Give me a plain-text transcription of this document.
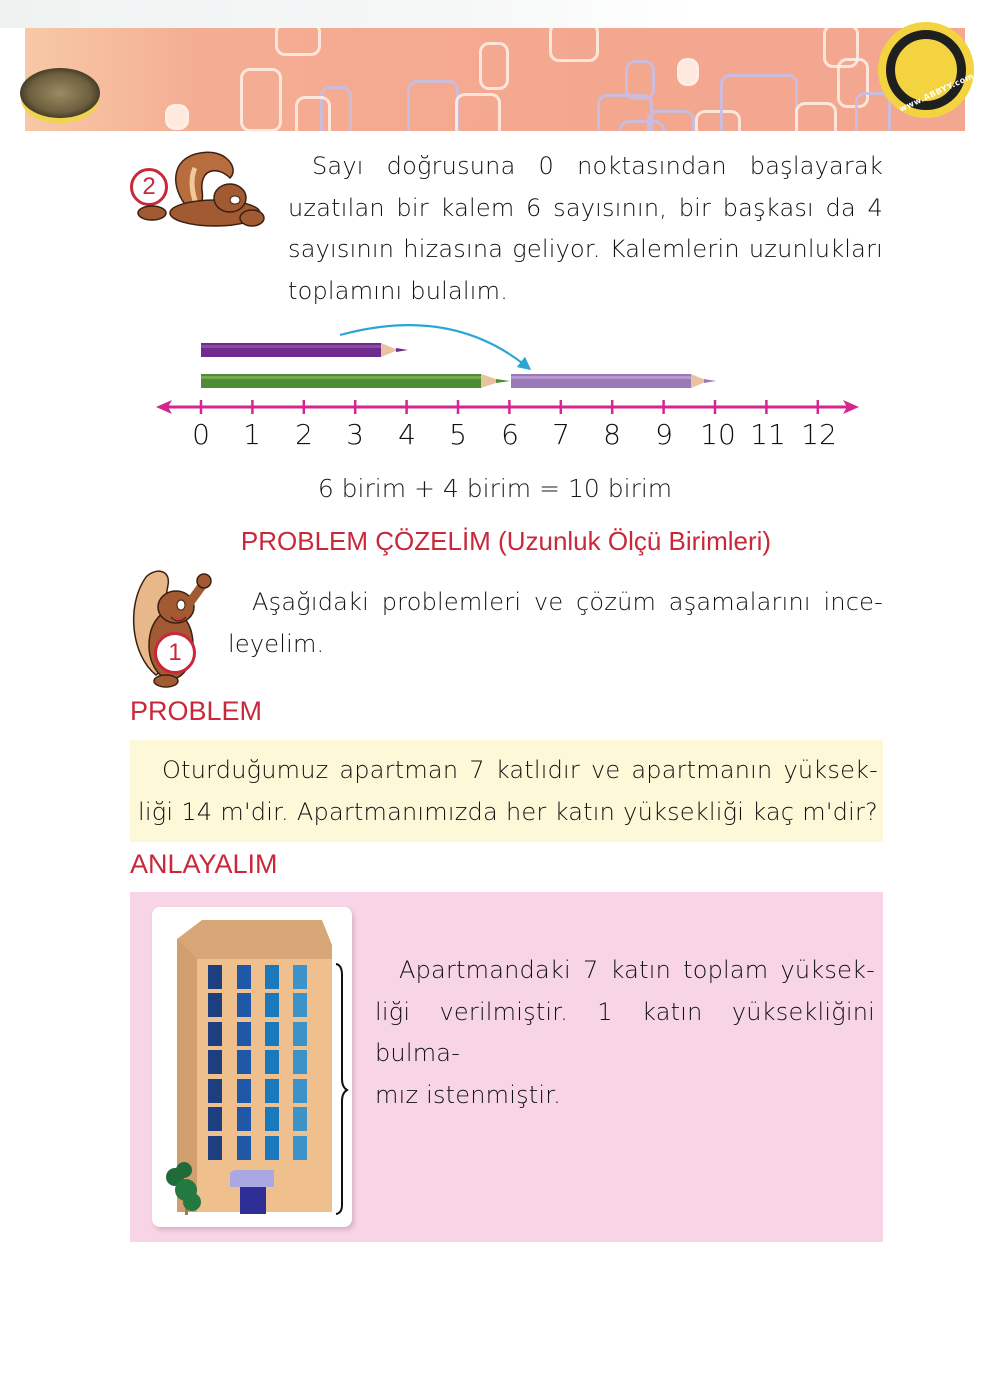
Click
www.ABBYY.com
2
Sayı doğrusuna 0 noktasından başlayarak
uzatılan bir kalem 6 sayısının, bir başkası da 4
sayısının hizasına geliyor. Kalemlerin uzunlukları
toplamını bulalım.
0	1	2	3	4	5	6	7	8	9 10 11 12
6 birim + 4 birim = 10 birim
PROBLEM ÇÖZELİM (Uzunluk Ölçü Birimleri)
1
Aşağıdaki problemleri ve çözüm aşamalarını ince-
leyelim.
PROBLEM
Oturduğumuz apartman 7 katlıdır ve apartmanın yüksek-
liği 14 m'dir. Apartmanımızda her katın yüksekliği kaç m'dir?
ANLAYALIM
Apartmandaki 7 katın toplam yüksek-
liği verilmiştir. 1 katın yüksekliğini bulma-
mız istenmiştir.
